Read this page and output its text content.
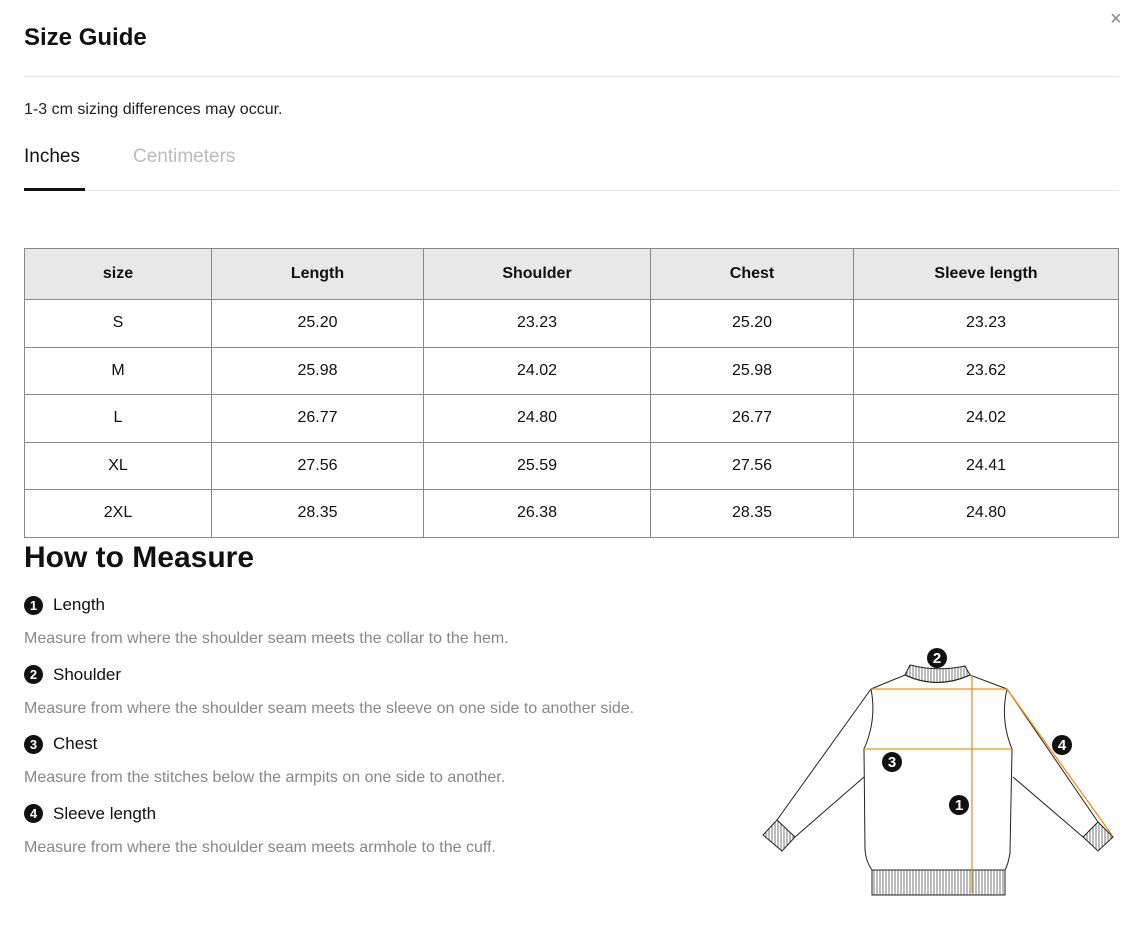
Size Guide
×
1-3 cm sizing differences may occur.
Inches	Centimeters
size	Length	Shoulder	Chest	Sleeve length
S	25.20	23.23	25.20	23.23
M	25.98	24.02	25.98	23.62
L	26.77	24.80	26.77	24.02
XL	27.56	25.59	27.56	24.41
2XL	28.35	26.38	28.35	24.80
How to Measure
1 Length
Measure from where the shoulder seam meets the collar to the hem.
2 Shoulder
Measure from where the shoulder seam meets the sleeve on one side to another side.
3 Chest
Measure from the stitches below the armpits on one side to another.
4 Sleeve length
Measure from where the shoulder seam meets armhole to the cuff.
2
4
3
1
